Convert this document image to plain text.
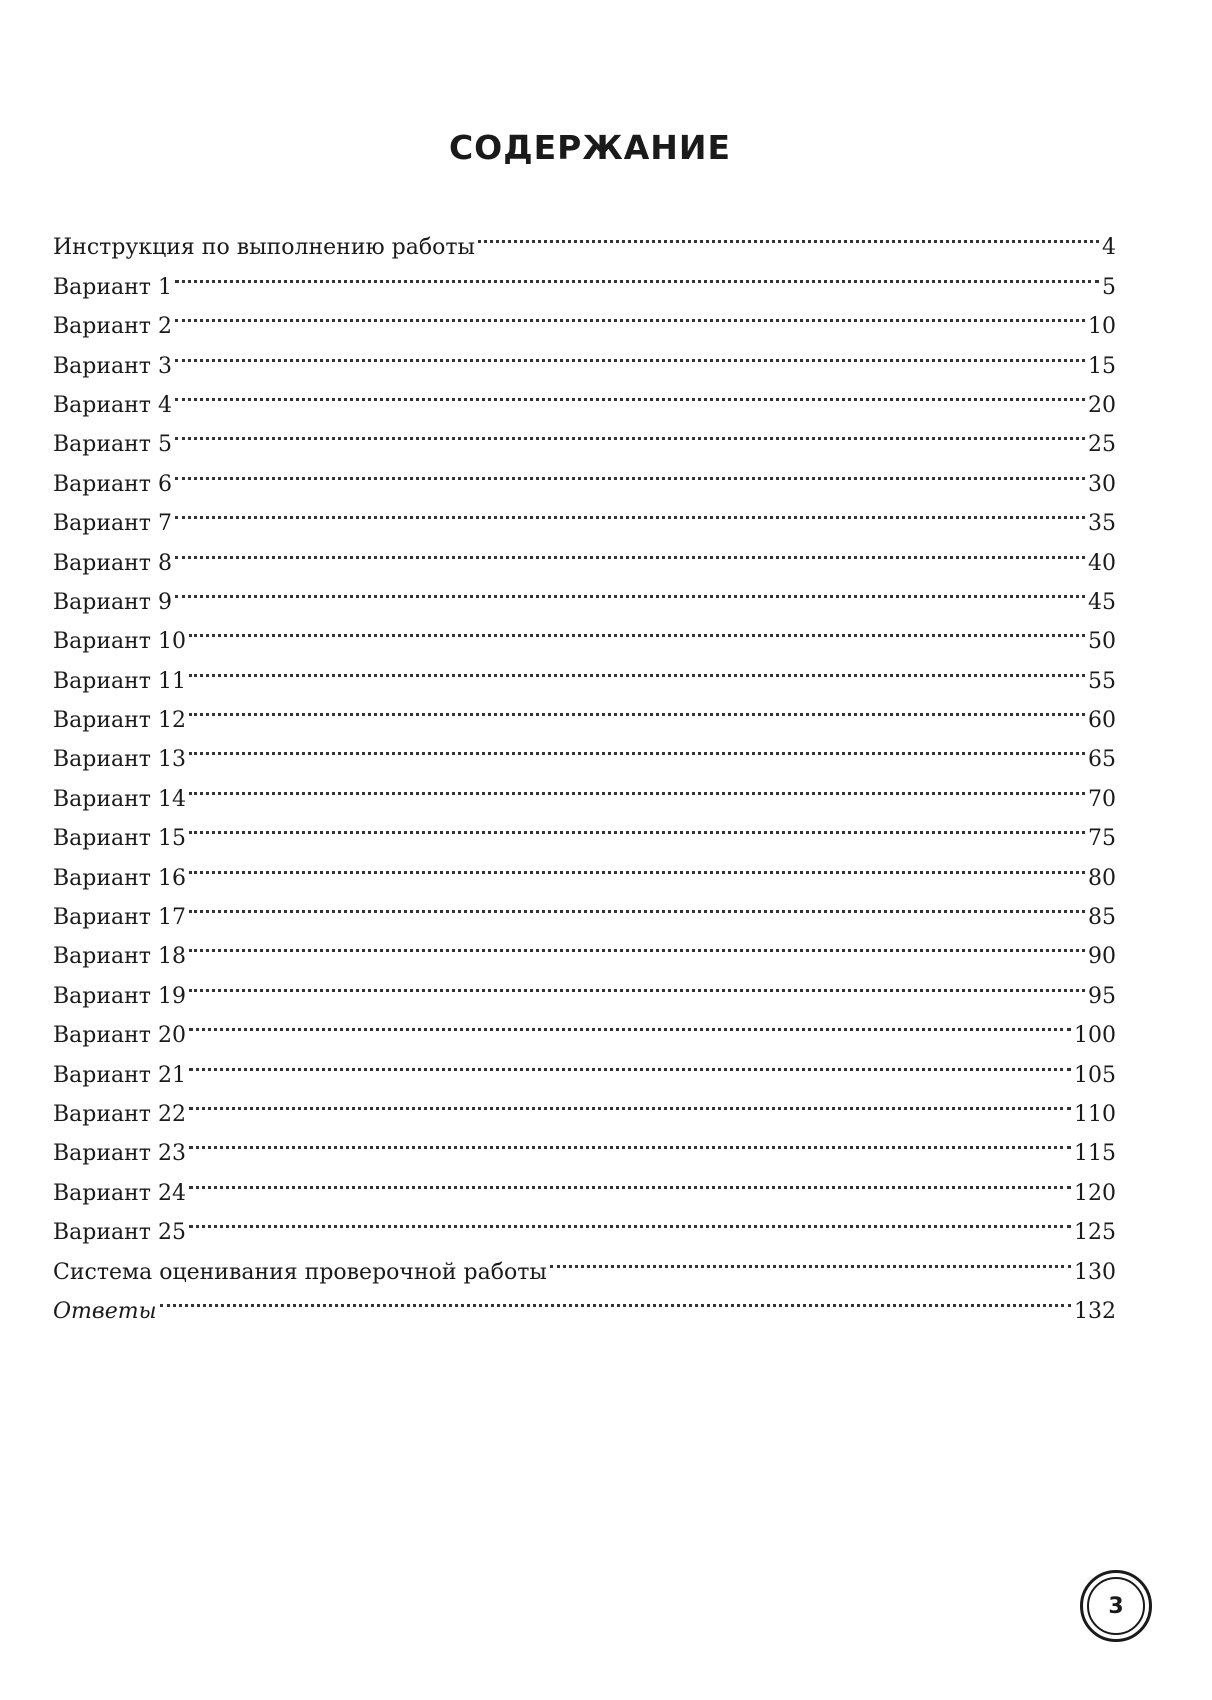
СОДЕРЖАНИЕ
Инструкция по выполнению работы	4
Вариант 1	5
Вариант 2	10
Вариант 3	15
Вариант 4	20
Вариант 5	25
Вариант 6	30
Вариант 7	35
Вариант 8	40
Вариант 9	45
Вариант 10	50
Вариант 11	55
Вариант 12	60
Вариант 13	65
Вариант 14	70
Вариант 15	75
Вариант 16	80
Вариант 17	85
Вариант 18	90
Вариант 19	95
Вариант 20	100
Вариант 21	105
Вариант 22	110
Вариант 23	115
Вариант 24	120
Вариант 25	125
Система оценивания проверочной работы	130
Ответы	132
3
